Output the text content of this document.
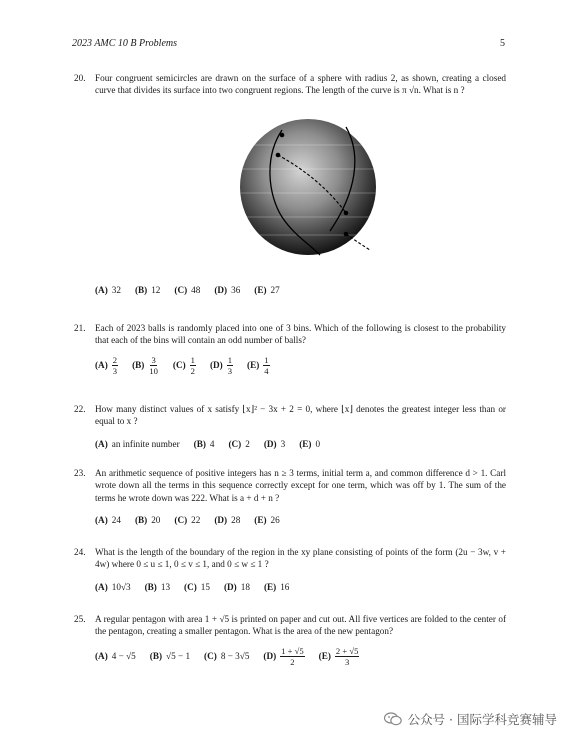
2023 AMC 10 B Problems	5
20. Four congruent semicircles are drawn on the surface of a sphere with radius 2, as shown, creating a closed curve that divides its surface into two congruent regions. The length of the curve is π √n. What is n ?
(A) 32 (B) 12 (C) 48 (D) 36 (E) 27
21. Each of 2023 balls is randomly placed into one of 3 bins. Which of the following is closest to the probability that each of the bins will contain an odd number of balls?
$(A) \frac{2}{3} (B) \frac{3}{10} (C) \frac{1}{2} (D) \frac{1}{3} (E) \frac{1}{4}$
22. How many distinct values of x satisfy ⌊x⌋² − 3x + 2 = 0, where ⌊x⌋ denotes the greatest integer less than or equal to x ?
(A) an infinite number (B) 4 (C) 2 (D) 3 (E) 0
23. An arithmetic sequence of positive integers has n ≥ 3 terms, initial term a, and common difference d > 1. Carl wrote down all the terms in this sequence correctly except for one term, which was off by 1. The sum of the terms he wrote down was 222. What is a + d + n ?
(A) 24 (B) 20 (C) 22 (D) 28 (E) 26
24. What is the length of the boundary of the region in the xy plane consisting of points of the form (2u − 3w, v + 4w) where 0 ≤ u ≤ 1, 0 ≤ v ≤ 1, and 0 ≤ w ≤ 1 ?
(A) 10√3 (B) 13 (C) 15 (D) 18 (E) 16
25. A regular pentagon with area 1 + √5 is printed on paper and cut out. All five vertices are folded to the center of the pentagon, creating a smaller pentagon. What is the area of the new pentagon?
(A) 4 − √5 (B) √5 − 1 (C) 8 − 3√5 $(D) \frac{1 + √5}{2} (E) \frac{2 + √5}{3}$
公众号 · 国际学科竞赛辅导
